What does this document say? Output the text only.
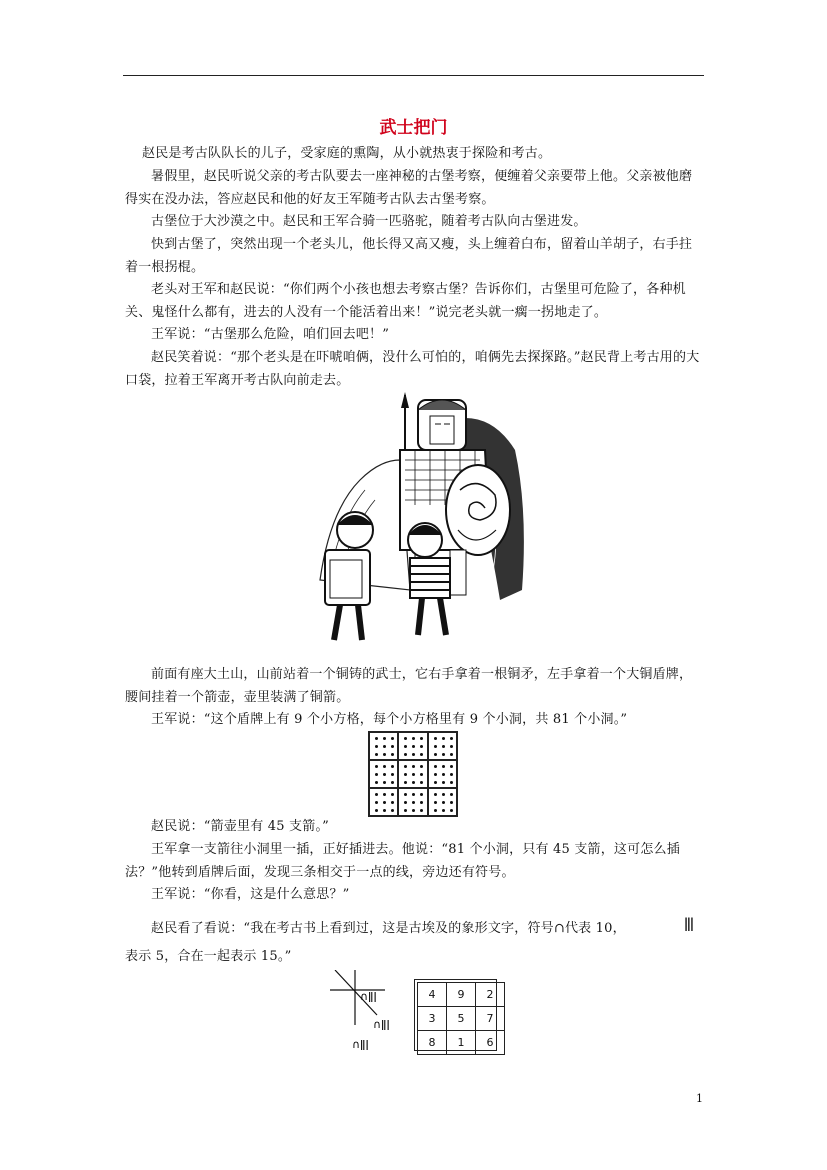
武士把门

赵民是考古队队长的儿子，受家庭的熏陶，从小就热衷于探险和考古。

暑假里，赵民听说父亲的考古队要去一座神秘的古堡考察，便缠着父亲要带上他。父亲被他磨得实在没办法，答应赵民和他的好友王军随考古队去古堡考察。

古堡位于大沙漠之中。赵民和王军合骑一匹骆驼，随着考古队向古堡进发。

快到古堡了，突然出现一个老头儿，他长得又高又瘦，头上缠着白布，留着山羊胡子，右手拄着一根拐棍。

老头对王军和赵民说：“你们两个小孩也想去考察古堡？告诉你们，古堡里可危险了，各种机关、鬼怪什么都有，进去的人没有一个能活着出来！”说完老头就一瘸一拐地走了。

王军说：“古堡那么危险，咱们回去吧！”

赵民笑着说：“那个老头是在吓唬咱俩，没什么可怕的，咱俩先去探探路。”赵民背上考古用的大口袋，拉着王军离开考古队向前走去。

前面有座大土山，山前站着一个铜铸的武士，它右手拿着一根铜矛，左手拿着一个大铜盾牌，腰间挂着一个箭壶，壶里装满了铜箭。

王军说：“这个盾牌上有 9 个小方格，每个小方格里有 9 个小洞，共 81 个小洞。”

赵民说：“箭壶里有 45 支箭。”

王军拿一支箭往小洞里一插，正好插进去。他说：“81 个小洞，只有 45 支箭，这可怎么插法？”他转到盾牌后面，发现三条相交于一点的线，旁边还有符号。

王军说：“你看，这是什么意思？”

赵民看了看说：“我在考古书上看到过，这是古埃及的象形文字，符号∩代表 10，	ǁǀ

表示 5，合在一起表示 15。”

∩ǁǀ
∩ǁǀ
∩ǁǀ
4	9	2
3	5	7
8	1	6
1
